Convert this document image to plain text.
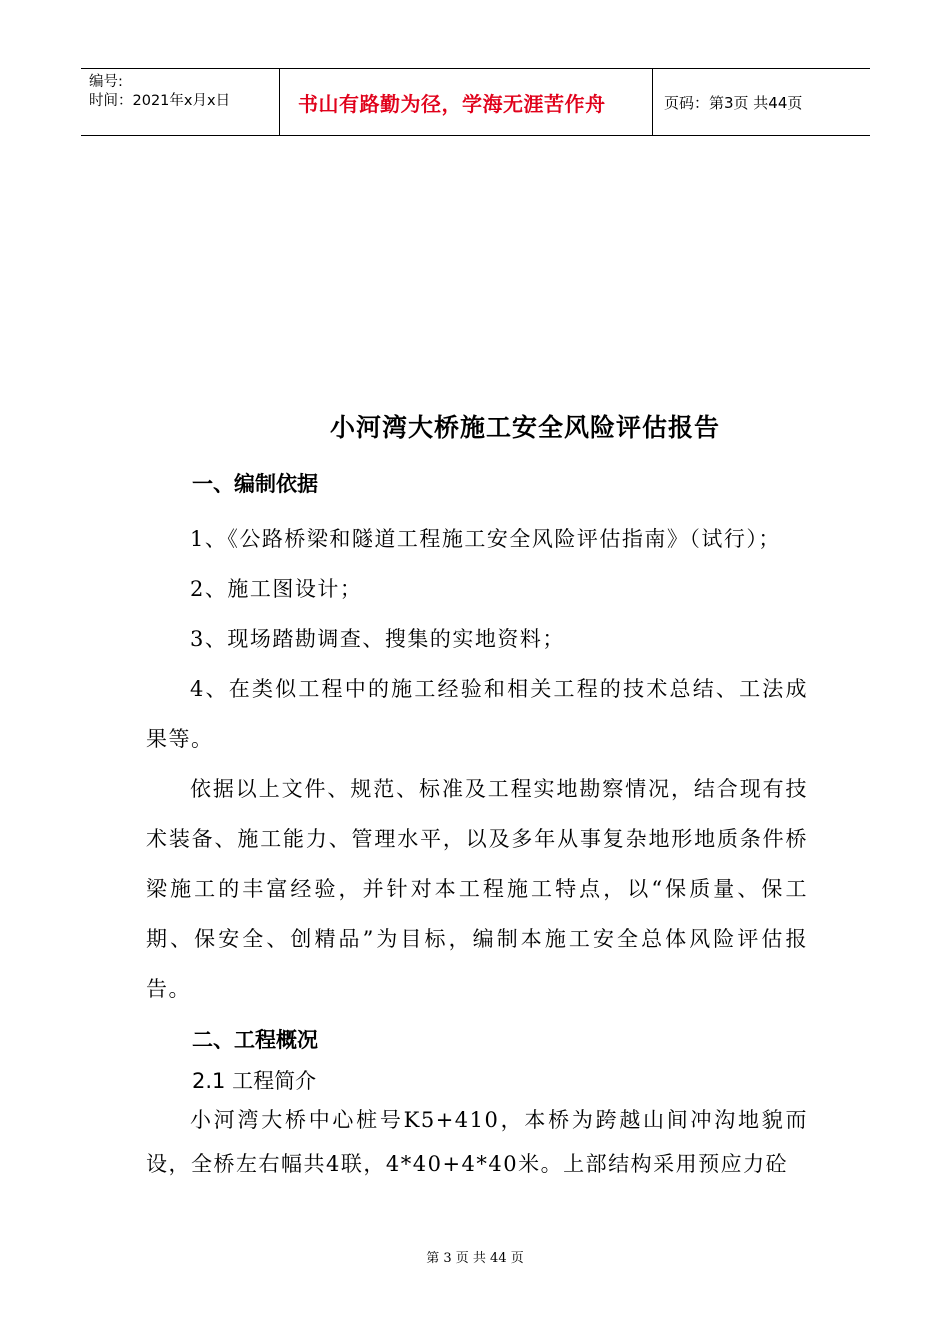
编号:
时间：2021年x月x日	书山有路勤为径，学海无涯苦作舟	页码：第3页 共44页
小河湾大桥施工安全风险评估报告

一、编制依据

1、《公路桥梁和隧道工程施工安全风险评估指南》（试行）；

2、施工图设计；

3、现场踏勘调查、搜集的实地资料；

4、在类似工程中的施工经验和相关工程的技术总结、工法成果等。

依据以上文件、规范、标准及工程实地勘察情况，结合现有技术装备、施工能力、管理水平，以及多年从事复杂地形地质条件桥梁施工的丰富经验，并针对本工程施工特点，以“保质量、保工期、保安全、创精品”为目标，编制本施工安全总体风险评估报告。

二、工程概况

2.1 工程简介

小河湾大桥中心桩号K5+410，本桥为跨越山间冲沟地貌而设，全桥左右幅共4联，4*40+4*40米。上部结构采用预应力砼

第 3 页 共 44 页
